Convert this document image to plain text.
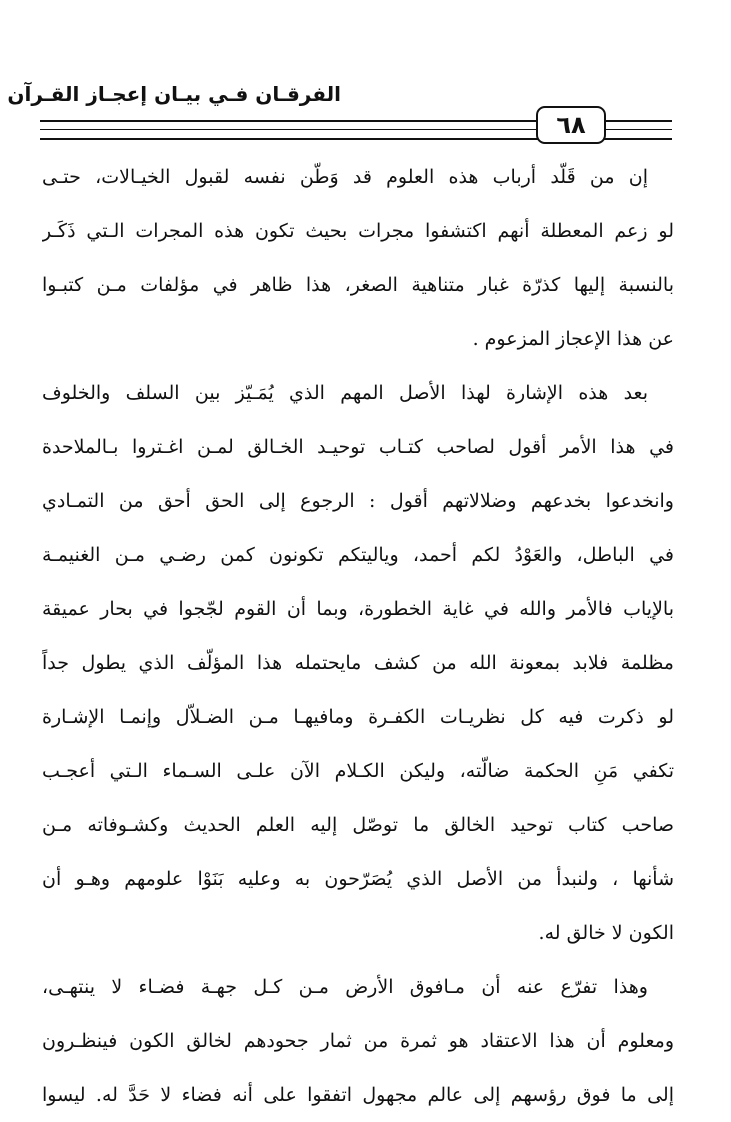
الفرقـان فـي بيـان إعجـاز القـرآن
٦٨
إن من قَلّد أرباب هذه العلوم قد وَطّن نفسه لقبول الخيـالات، حتـى
لو زعم المعطلة أنهم اكتشفوا مجرات بحيث تكون هذه المجرات الـتي ذَكَـر
بالنسبة إليها كذرّة غبار متناهية الصغر، هذا ظاهر في مؤلفات مـن كتبـوا
عن هذا الإعجاز المزعوم .
بعد هذه الإشارة لهذا الأصل المهم الذي يُمَـيّز بين السلف والخلوف
في هذا الأمر أقول لصاحب كتـاب توحيـد الخـالق لمـن اغـتروا بـالملاحدة
وانخدعوا بخدعهم وضلالاتهم أقول : الرجوع إلى الحق أحق من التمـادي
في الباطل، والعَوْدُ لكم أحمد، وياليتكم تكونون كمن رضـي مـن الغنيمـة
بالإياب فالأمر والله في غاية الخطورة، وبما أن القوم لجّجوا في بحار عميقة
مظلمة فلابد بمعونة الله من كشف مايحتمله هذا المؤلّف الذي يطول جداً
لو ذكرت فيه كل نظريـات الكفـرة ومافيهـا مـن الضـلاّل وإنمـا الإشـارة
تكفي مَنِ الحكمة ضالّته، وليكن الكـلام الآن علـى السـماء الـتي أعجـب
صاحب كتاب توحيد الخالق ما توصّل إليه العلم الحديث وكشـوفاته مـن
شأنها ، ولنبدأ من الأصل الذي يُصَرّحون به وعليه بَنَوْا علومهم وهـو أن
الكون لا خالق له.
وهذا تفرّع عنه أن مـافوق الأرض مـن كـل جهـة فضـاء لا ينتهـى،
ومعلوم أن هذا الاعتقاد هو ثمرة من ثمار جحودهم لخالق الكون فينظـرون
إلى ما فوق رؤسهم إلى عالم مجهول اتفقوا على أنه فضاء لا حَدَّ له. ليسوا
